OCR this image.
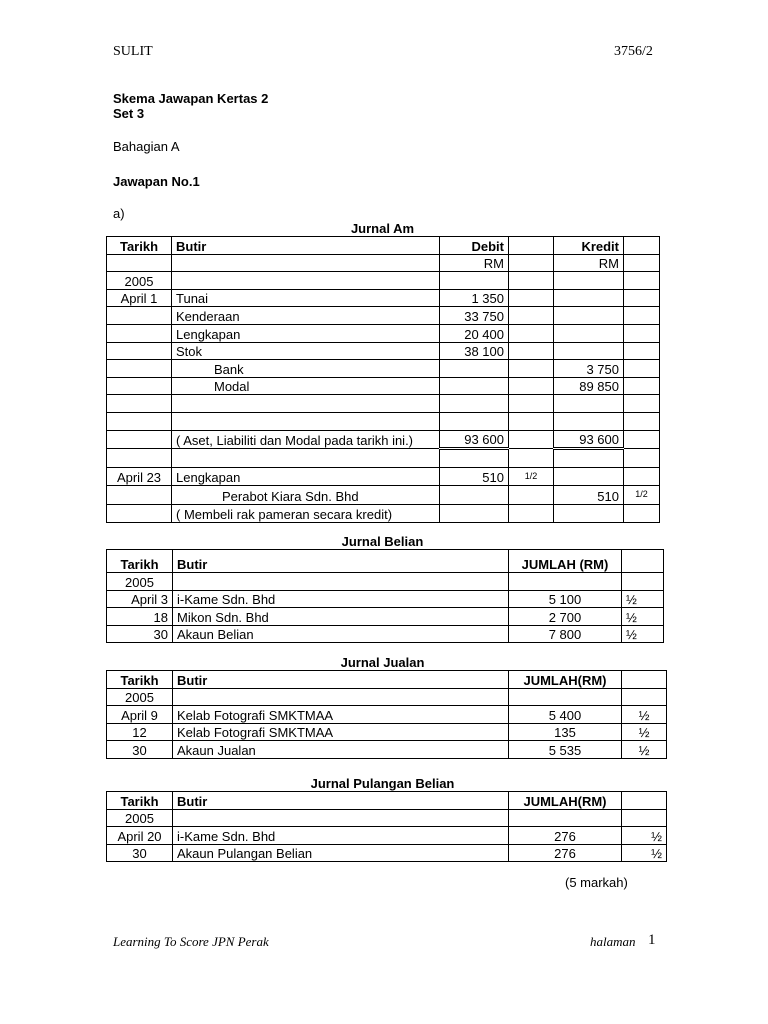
SULIT	3756/2
Skema Jawapan Kertas 2
Set 3
Bahagian A
Jawapan No.1
a)
Jurnal Am
Tarikh	Butir	Debit		Kredit	
		RM		RM	
2005					
April 1	Tunai	1 350			
	Kenderaan	33 750			
	Lengkapan	20 400			
	Stok	38 100			
	Bank			3 750	
	Modal			89 850	

	( Aset, Liabiliti dan Modal pada tarikh ini.)	93 600		93 600	

April 23	Lengkapan	510	1/2		
	Perabot Kiara Sdn. Bhd			510	1/2
	( Membeli rak pameran secara kredit)				
Jurnal Belian
Tarikh	Butir	JUMLAH (RM)	
2005			
April 3	i-Kame Sdn. Bhd	5 100	½
18	Mikon Sdn. Bhd	2 700	½
30	Akaun Belian	7 800	½
Jurnal Jualan
Tarikh	Butir	JUMLAH(RM)	
2005			
April 9	Kelab Fotografi SMKTMAA	5 400	½
12	Kelab Fotografi SMKTMAA	135	½
30	Akaun Jualan	5 535	½
Jurnal Pulangan Belian
Tarikh	Butir	JUMLAH(RM)	
2005			
April 20	i-Kame Sdn. Bhd	276	½
30	Akaun Pulangan Belian	276	½
(5 markah)
Learning To Score JPN Perak	halaman 1
